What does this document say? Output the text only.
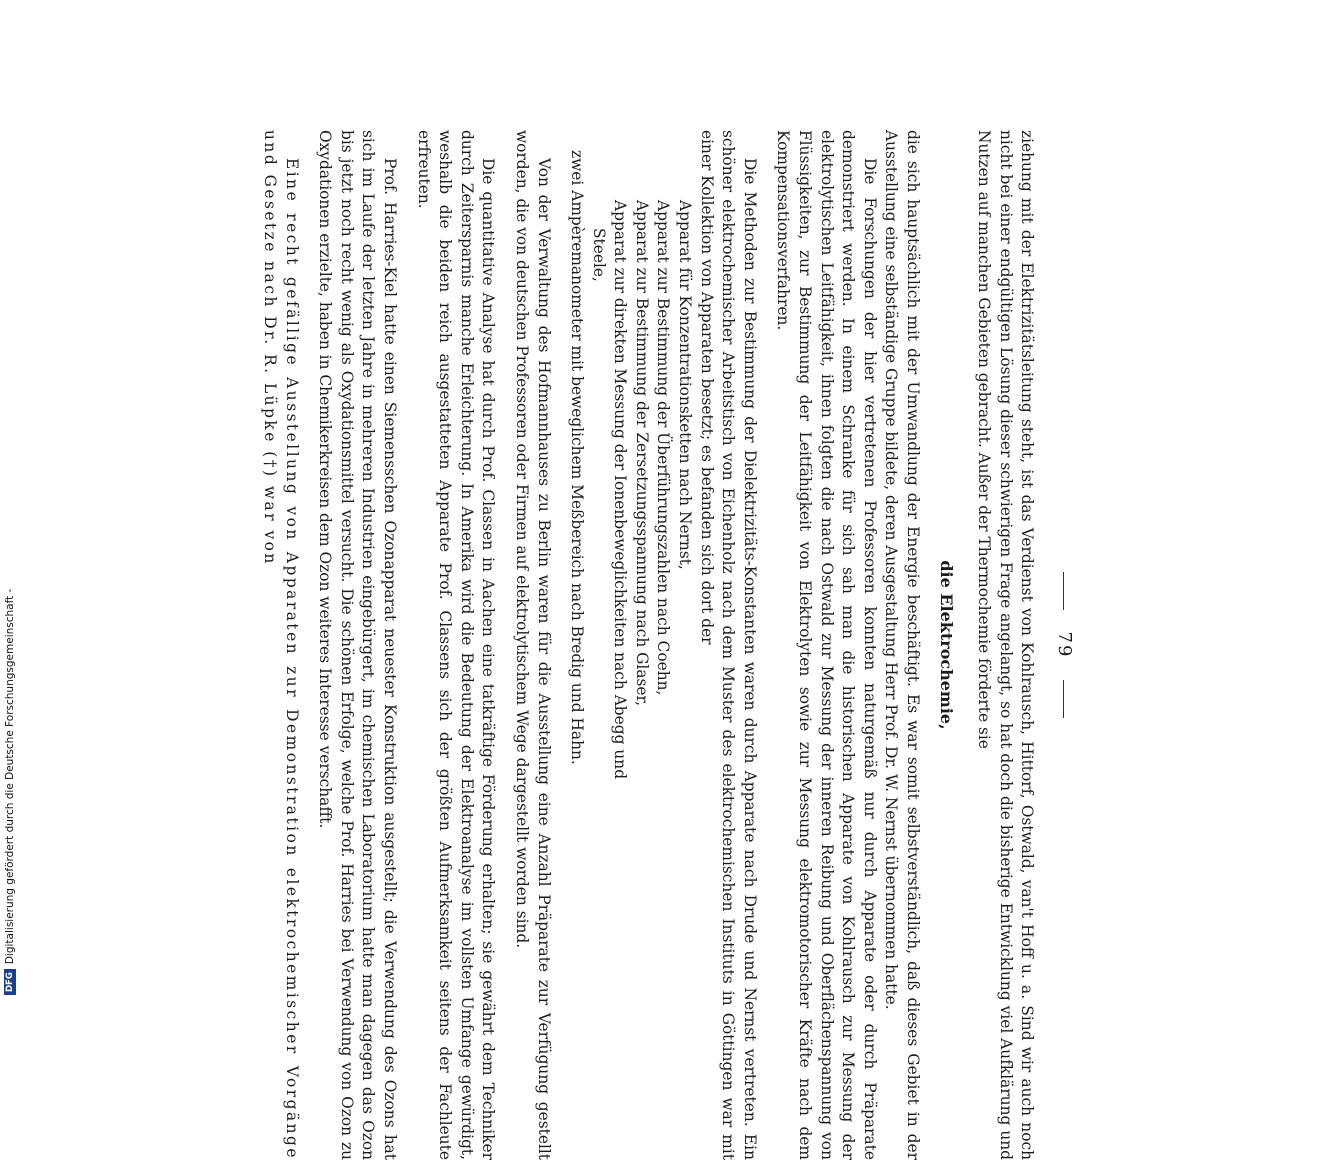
79

ziehung mit der Elektrizitätsleitung steht, ist das Verdienst von Kohlrausch, Hittorf, Ostwald, van't Hoff u. a. Sind wir auch noch nicht bei einer endgültigen Lösung dieser schwierigen Frage angelangt, so hat doch die bisherige Entwicklung viel Aufklärung und Nutzen auf manchen Gebieten gebracht. Außer der Thermochemie förderte sie

die Elektrochemie,

die sich hauptsächlich mit der Umwandlung der Energie beschäftigt. Es war somit selbstverständlich, daß dieses Gebiet in der Ausstellung eine selbständige Gruppe bildete, deren Ausgestaltung Herr Prof. Dr. W. Nernst übernommen hatte.

Die Forschungen der hier vertretenen Professoren konnten naturgemäß nur durch Apparate oder durch Präparate demonstriert werden. In einem Schranke für sich sah man die historischen Apparate von Kohlrausch zur Messung der elektrolytischen Leitfähigkeit, ihnen folgten die nach Ostwald zur Messung der inneren Reibung und Oberflächenspannung von Flüssigkeiten, zur Bestimmung der Leitfähigkeit von Elektrolyten sowie zur Messung elektromotorischer Kräfte nach dem Kompensationsverfahren.

Die Methoden zur Bestimmung der Dielektrizitäts-Konstanten waren durch Apparate nach Drude und Nernst vertreten. Ein schöner elektrochemischer Arbeitstisch von Eichenholz nach dem Muster des elektrochemischen Instituts in Göttingen war mit einer Kollektion von Apparaten besetzt; es befanden sich dort der

Apparat für Konzentrationsketten nach Nernst,
Apparat zur Bestimmung der Überführungszahlen nach Coehn,
Apparat zur Bestimmung der Zersetzungsspannung nach Glaser,
Apparat zur direkten Messung der Ionenbeweglichkeiten nach Abegg und
Steele,
zwei Ampèremanometer mit beweglichem Meßbereich nach Bredig und Hahn.

Von der Verwaltung des Hofmannhauses zu Berlin waren für die Ausstellung eine Anzahl Präparate zur Verfügung gestellt worden, die von deutschen Professoren oder Firmen auf elektrolytischem Wege dargestellt worden sind.

Die quantitative Analyse hat durch Prof. Classen in Aachen eine tatkräftige Förderung erhalten; sie gewährt dem Techniker durch Zeitersparnis manche Erleichterung. In Amerika wird die Bedeutung der Elektroanalyse im vollsten Umfange gewürdigt, weshalb die beiden reich ausgestatteten Apparate Prof. Classens sich der größten Aufmerksamkeit seitens der Fachleute erfreuten.

Prof. Harries-Kiel hatte einen Siemensschen Ozonapparat neuester Konstruktion ausgestellt; die Verwendung des Ozons hat sich im Laufe der letzten Jahre in mehreren Industrien eingebürgert, im chemischen Laboratorium hatte man dagegen das Ozon bis jetzt noch recht wenig als Oxydationsmittel versucht. Die schönen Erfolge, welche Prof. Harries bei Verwendung von Ozon zu Oxydationen erzielte, haben in Chemikerkreisen dem Ozon weiteres Interesse verschafft.

Eine recht gefällige Ausstellung von Apparaten zur Demonstration elektrochemischer Vorgänge und Gesetze nach Dr. R. Lüpke (†) war von

DFG
Digitalisierung gefördert durch die Deutsche Forschungsgemeinschaft -
